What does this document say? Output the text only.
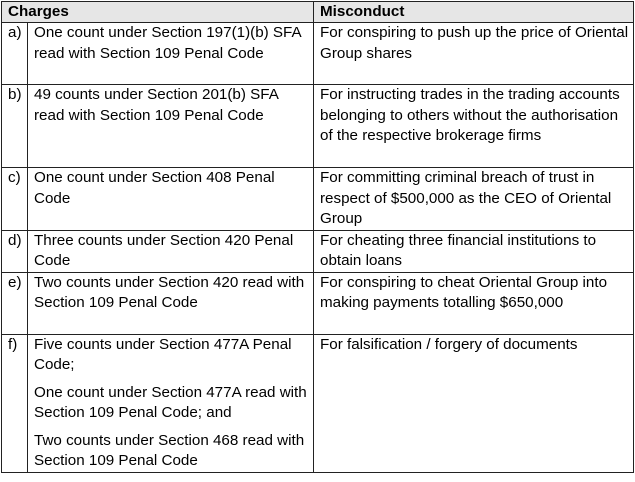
Charges		Misconduct
a)	One count under Section 197(1)(b) SFA read with Section 109 Penal Code	For conspiring to push up the price of Oriental Group shares
b)	49 counts under Section 201(b) SFA read with Section 109 Penal Code	For instructing trades in the trading accounts belonging to others without the authorisation of the respective brokerage firms
c)	One count under Section 408 Penal Code	For committing criminal breach of trust in respect of $500,000 as the CEO of Oriental Group
d)	Three counts under Section 420 Penal Code	For cheating three financial institutions to obtain loans
e)	Two counts under Section 420 read with Section 109 Penal Code	For conspiring to cheat Oriental Group into making payments totalling $650,000
f)	Five counts under Section 477A Penal Code;

One count under Section 477A read with Section 109 Penal Code; and

Two counts under Section 468 read with Section 109 Penal Code	For falsification / forgery of documents
